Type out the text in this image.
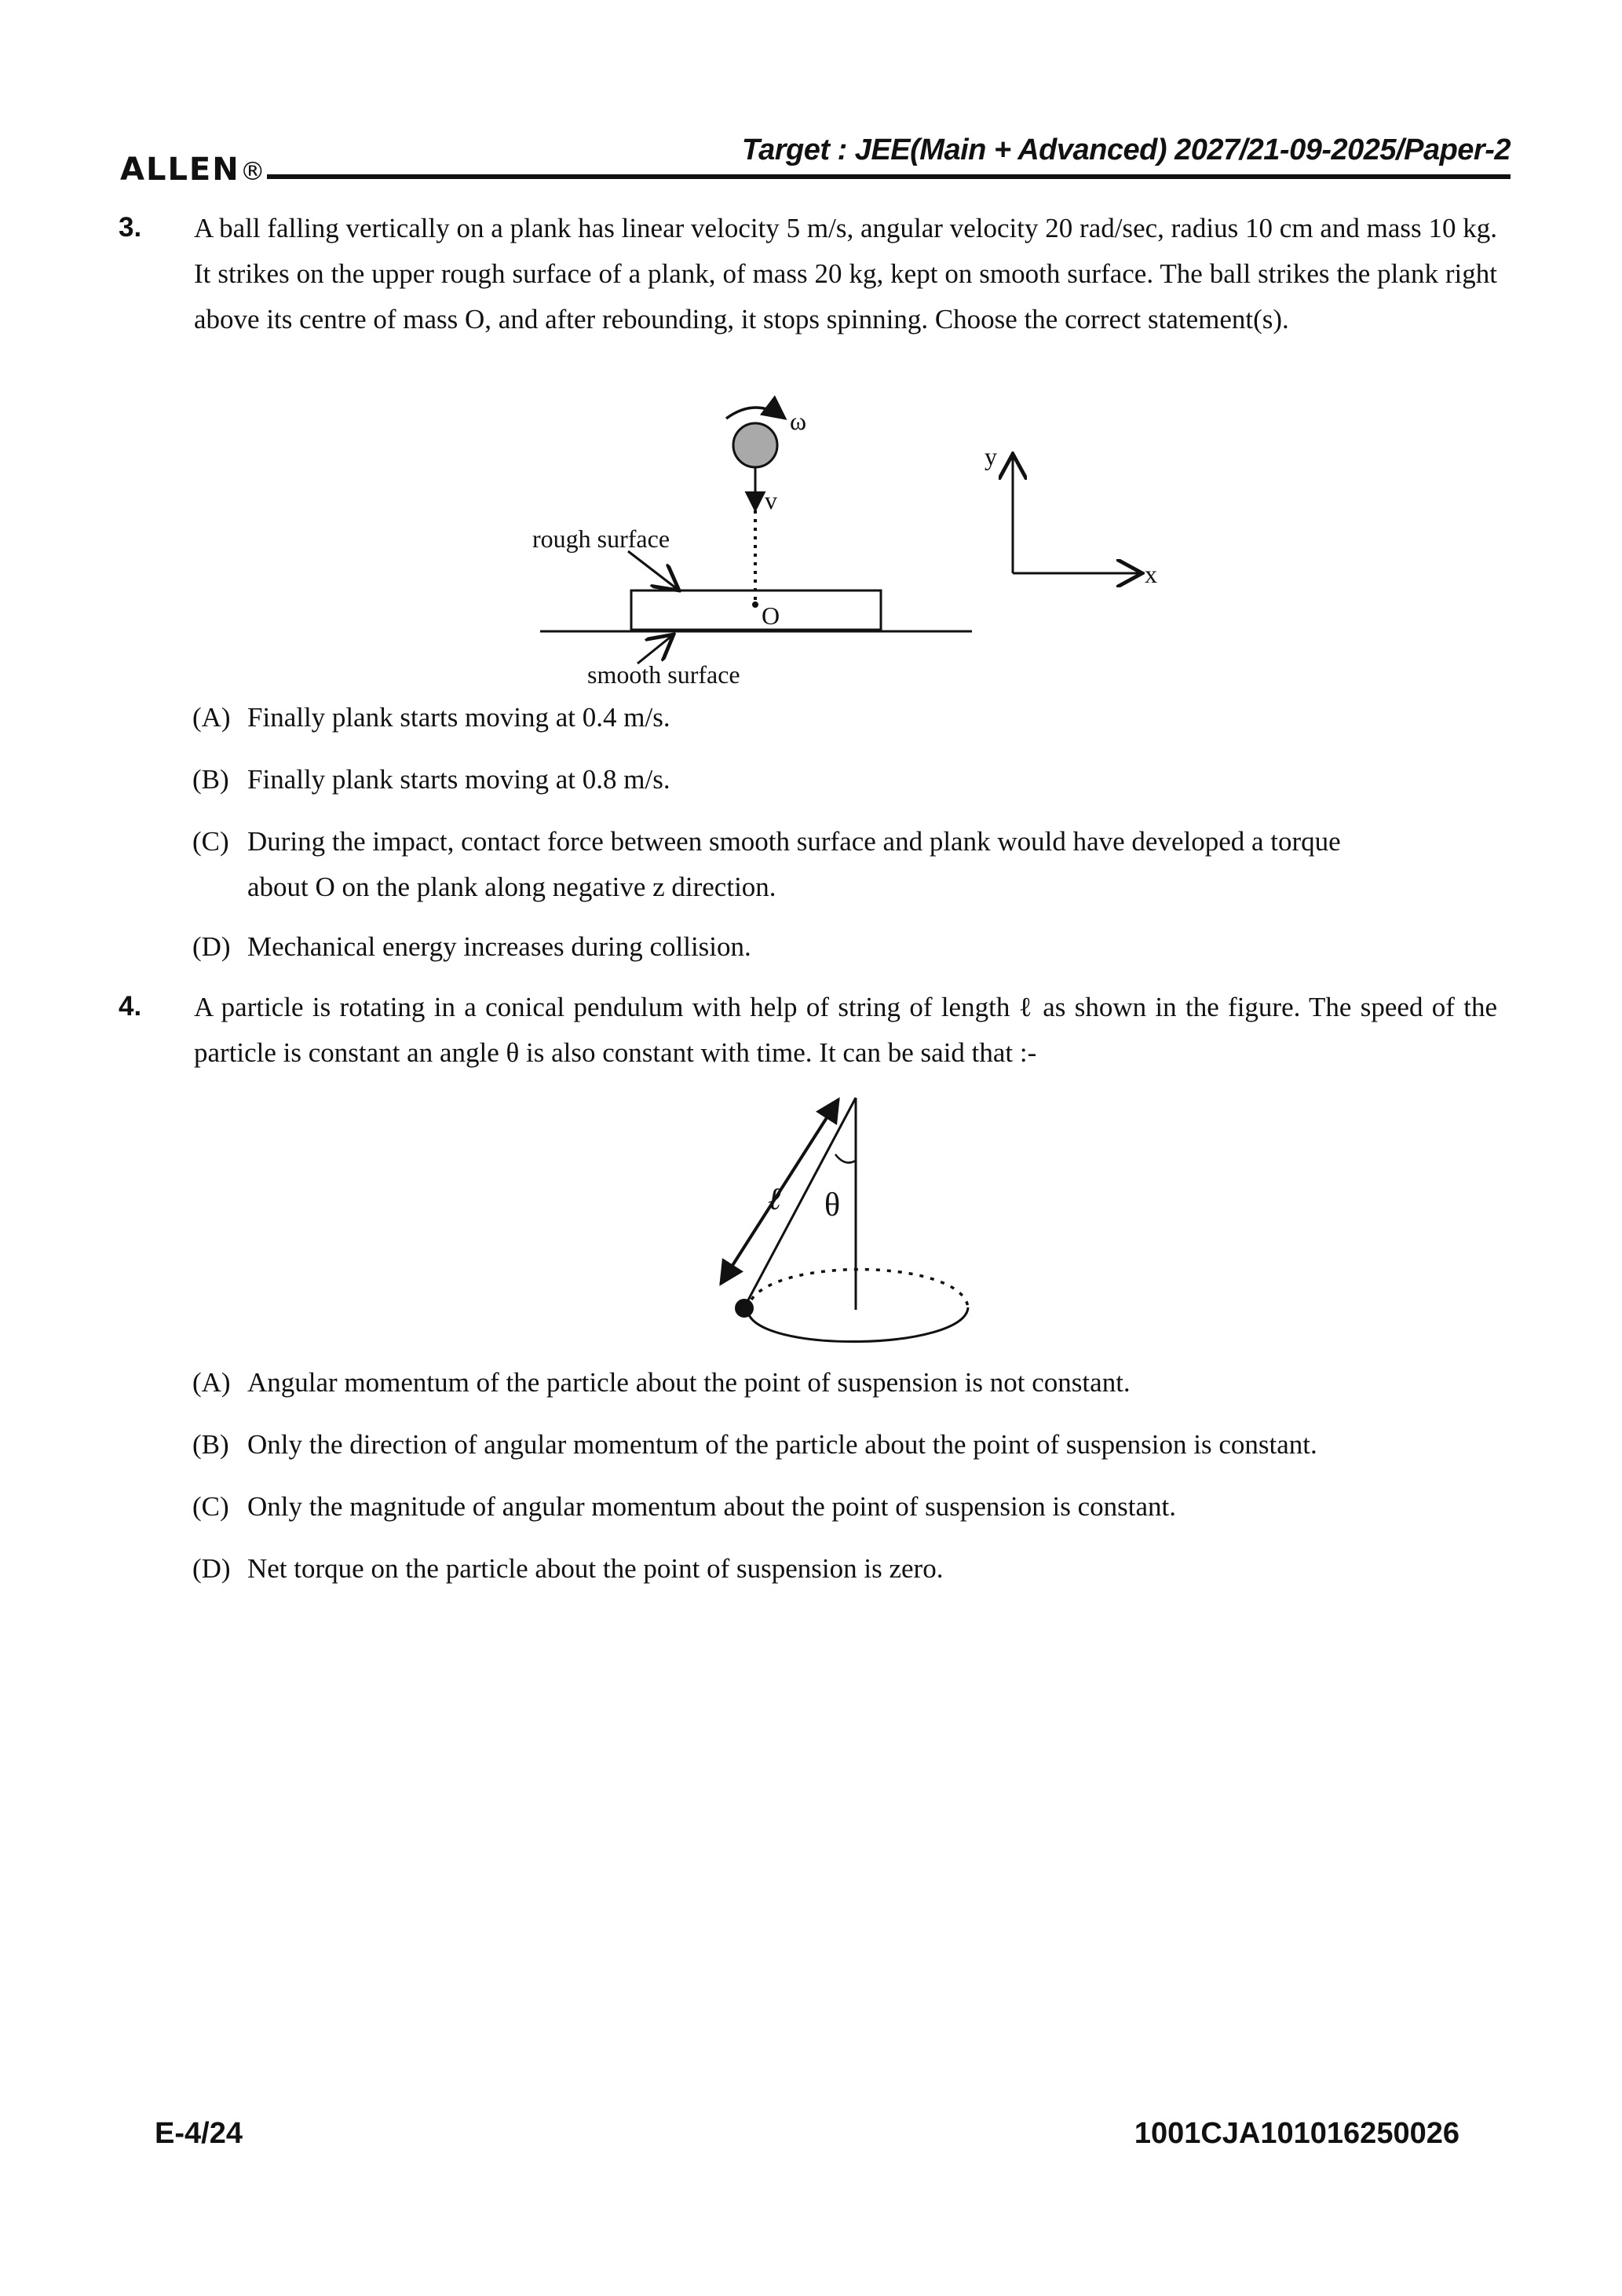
Target : JEE(Main + Advanced) 2027/21-09-2025/Paper-2
ALLEN®
3. A ball falling vertically on a plank has linear velocity 5 m/s, angular velocity 20 rad/sec, radius 10 cm and mass 10 kg. It strikes on the upper rough surface of a plank, of mass 20 kg, kept on smooth surface. The ball strikes the plank right above its centre of mass O, and after rebounding, it stops spinning. Choose the correct statement(s).
ω
v
O
rough surface
smooth surface
y
x
(A) Finally plank starts moving at 0.4 m/s.
(B) Finally plank starts moving at 0.8 m/s.
(C) During the impact, contact force between smooth surface and plank would have developed a torque
about O on the plank along negative z direction.
(D) Mechanical energy increases during collision.
4. A particle is rotating in a conical pendulum with help of string of length ℓ as shown in the figure. The speed of the particle is constant an angle θ is also constant with time. It can be said that :-
θ
ℓ
(A) Angular momentum of the particle about the point of suspension is not constant.
(B) Only the direction of angular momentum of the particle about the point of suspension is constant.
(C) Only the magnitude of angular momentum about the point of suspension is constant.
(D) Net torque on the particle about the point of suspension is zero.
E-4/24	1001CJA101016250026
